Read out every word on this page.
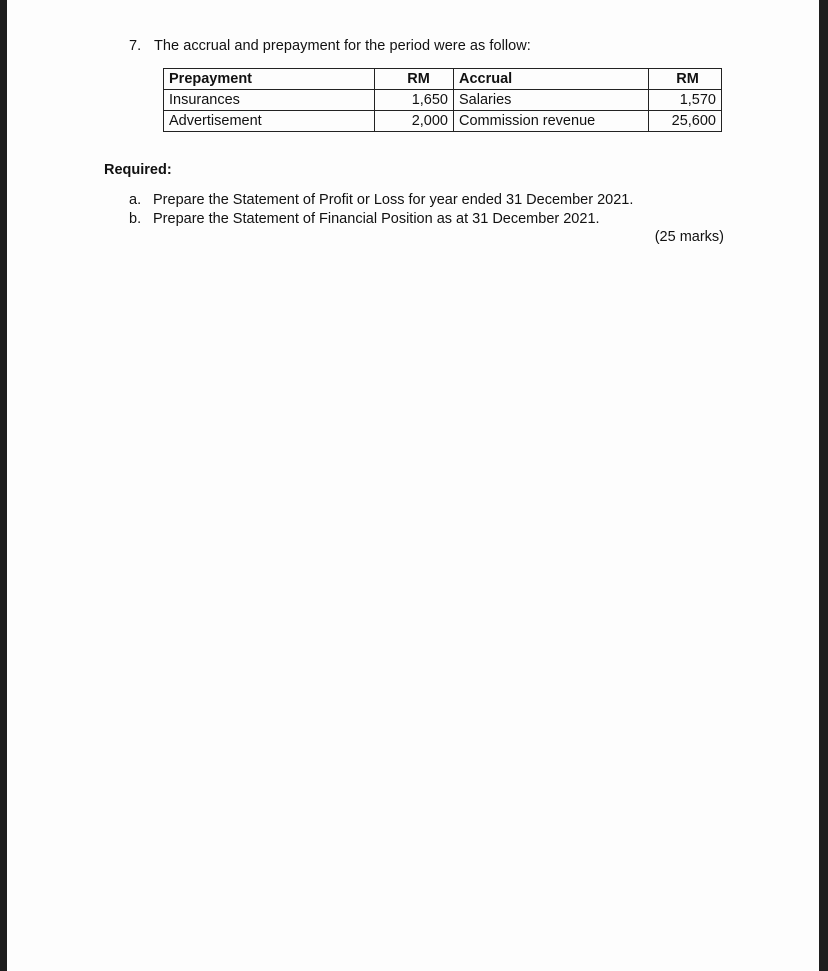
7. The accrual and prepayment for the period were as follow:
Prepayment	RM	Accrual	RM
Insurances	1,650	Salaries	1,570
Advertisement	2,000	Commission revenue	25,600
Required:
a. Prepare the Statement of Profit or Loss for year ended 31 December 2021.
b. Prepare the Statement of Financial Position as at 31 December 2021.
(25 marks)
